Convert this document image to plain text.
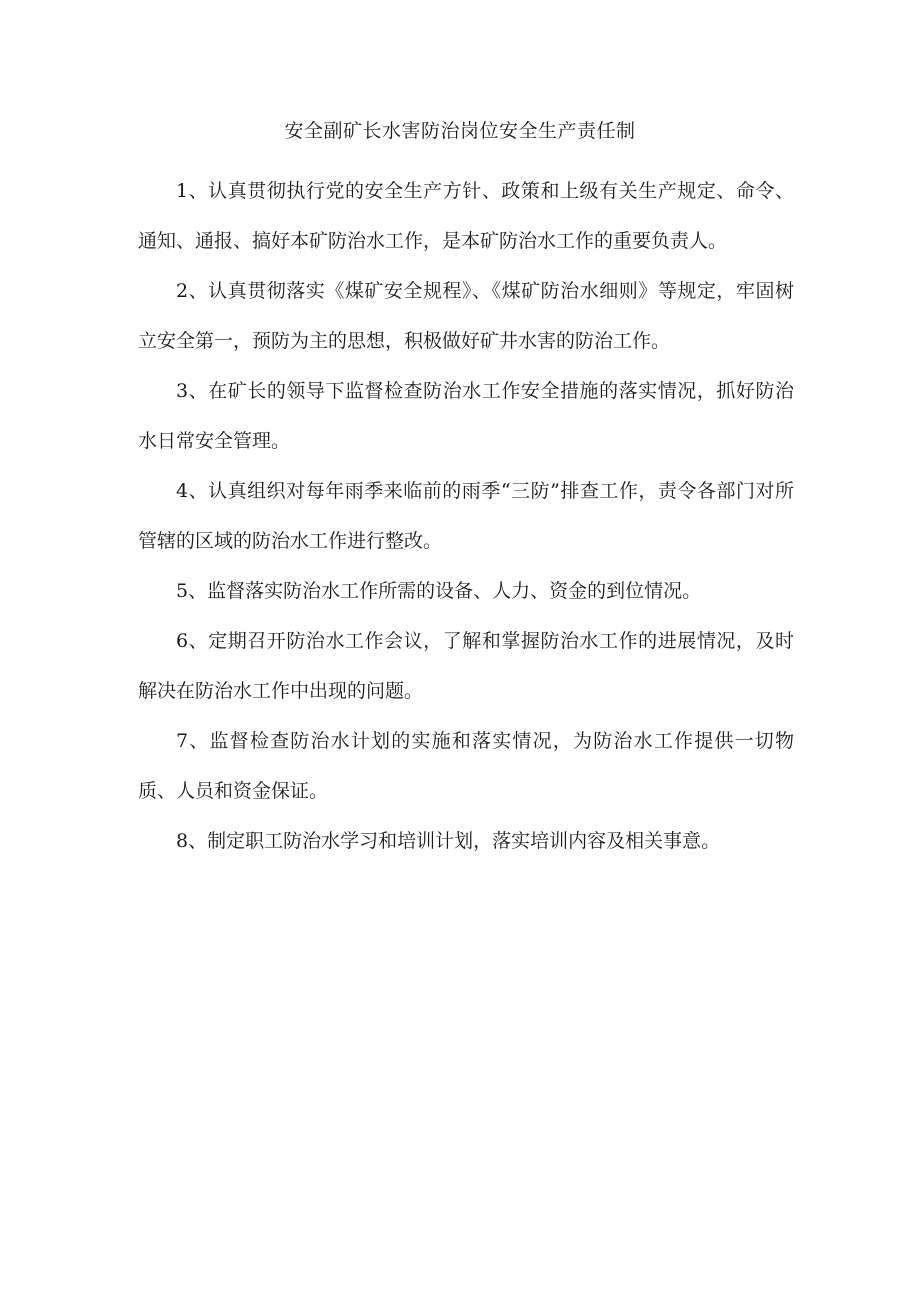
安全副矿长水害防治岗位安全生产责任制

1、认真贯彻执行党的安全生产方针、政策和上级有关生产规定、命令、通知、通报、搞好本矿防治水工作，是本矿防治水工作的重要负责人。

2、认真贯彻落实《煤矿安全规程》、《煤矿防治水细则》等规定，牢固树立安全第一，预防为主的思想，积极做好矿井水害的防治工作。

3、在矿长的领导下监督检查防治水工作安全措施的落实情况，抓好防治水日常安全管理。

4、认真组织对每年雨季来临前的雨季“三防”排查工作，责令各部门对所管辖的区域的防治水工作进行整改。

5、监督落实防治水工作所需的设备、人力、资金的到位情况。

6、定期召开防治水工作会议，了解和掌握防治水工作的进展情况，及时解决在防治水工作中出现的问题。

7、监督检查防治水计划的实施和落实情况，为防治水工作提供一切物质、人员和资金保证。

8、制定职工防治水学习和培训计划，落实培训内容及相关事意。
